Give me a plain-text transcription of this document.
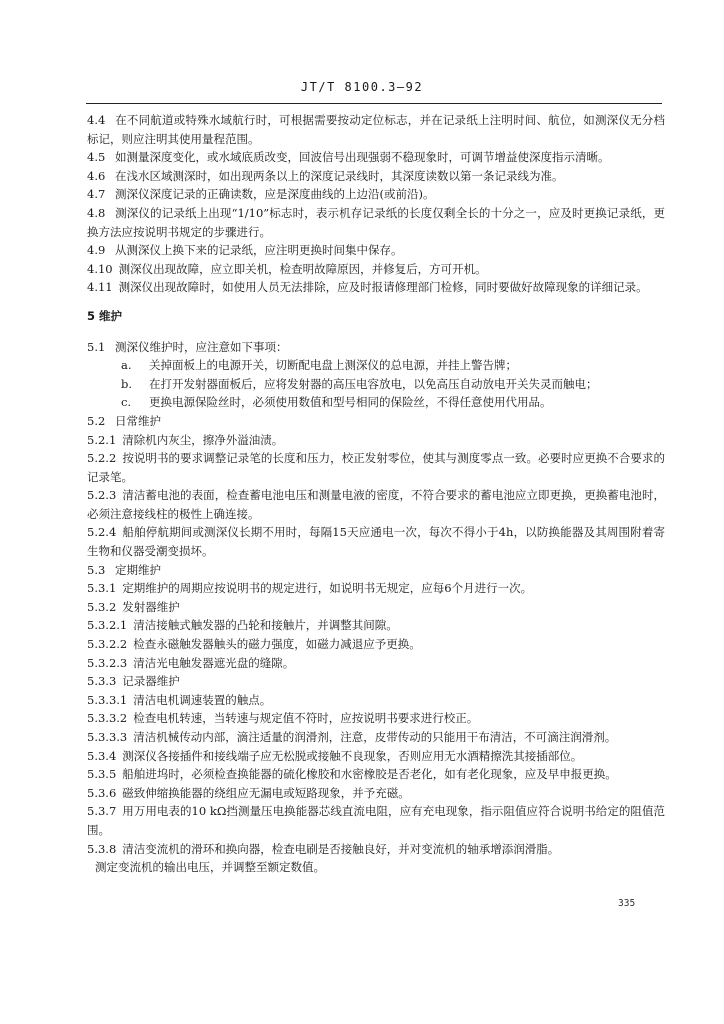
JT/T 8100.3—92

4.4 在不同航道或特殊水域航行时，可根据需要按动定位标志，并在记录纸上注明时间、航位，如测深仪无分档标记，则应注明其使用量程范围。

4.5 如测量深度变化，或水域底质改变，回波信号出现强弱不稳现象时，可调节增益使深度指示清晰。

4.6 在浅水区域测深时，如出现两条以上的深度记录线时，其深度读数以第一条记录线为准。

4.7 测深仪深度记录的正确读数，应是深度曲线的上边沿(或前沿)。

4.8 测深仪的记录纸上出现“1/10”标志时，表示机存记录纸的长度仅剩全长的十分之一，应及时更换记录纸，更换方法应按说明书规定的步骤进行。

4.9 从测深仪上换下来的记录纸，应注明更换时间集中保存。

4.10 测深仪出现故障，应立即关机，检查明故障原因，并修复后，方可开机。

4.11 测深仪出现故障时，如使用人员无法排除，应及时报请修理部门检修，同时要做好故障现象的详细记录。

5 维护

5.1 测深仪维护时，应注意如下事项：

a. 关掉面板上的电源开关，切断配电盘上测深仪的总电源，并挂上警告牌；

b. 在打开发射器面板后，应将发射器的高压电容放电，以免高压自动放电开关失灵而触电；

c. 更换电源保险丝时，必须使用数值和型号相同的保险丝，不得任意使用代用品。

5.2 日常维护

5.2.1 清除机内灰尘，擦净外溢油渍。

5.2.2 按说明书的要求调整记录笔的长度和压力，校正发射零位，使其与测度零点一致。必要时应更换不合要求的记录笔。

5.2.3 清洁蓄电池的表面，检查蓄电池电压和测量电液的密度，不符合要求的蓄电池应立即更换，更换蓄电池时，必须注意接线柱的极性上确连接。

5.2.4 船舶停航期间或测深仪长期不用时，每隔15天应通电一次，每次不得小于4h，以防换能器及其周围附着寄生物和仪器受潮变损坏。

5.3 定期维护

5.3.1 定期维护的周期应按说明书的规定进行，如说明书无规定，应每6个月进行一次。

5.3.2 发射器维护

5.3.2.1 清洁接触式触发器的凸轮和接触片，并调整其间隙。

5.3.2.2 检查永磁触发器触头的磁力强度，如磁力减退应予更换。

5.3.2.3 清洁光电触发器遮光盘的缝隙。

5.3.3 记录器维护

5.3.3.1 清洁电机调速装置的触点。

5.3.3.2 检查电机转速，当转速与规定值不符时，应按说明书要求进行校正。

5.3.3.3 清洁机械传动内部，滴注适量的润滑剂，注意，皮带传动的只能用干布清洁，不可滴注润滑剂。

5.3.4 测深仪各接插件和接线端子应无松脱或接触不良现象，否则应用无水酒精擦洗其接插部位。

5.3.5 船舶进坞时，必须检查换能器的硫化橡胶和水密橡胶是否老化，如有老化现象，应及早申报更换。

5.3.6 磁致伸缩换能器的绕组应无漏电或短路现象，并予充磁。

5.3.7 用万用电表的10 kΩ挡测量压电换能器芯线直流电阻，应有充电现象，指示阻值应符合说明书给定的阻值范围。

5.3.8 清洁变流机的滑环和换向器，检查电刷是否接触良好，并对变流机的轴承增添润滑脂。

测定变流机的输出电压，并调整至额定数值。

335
